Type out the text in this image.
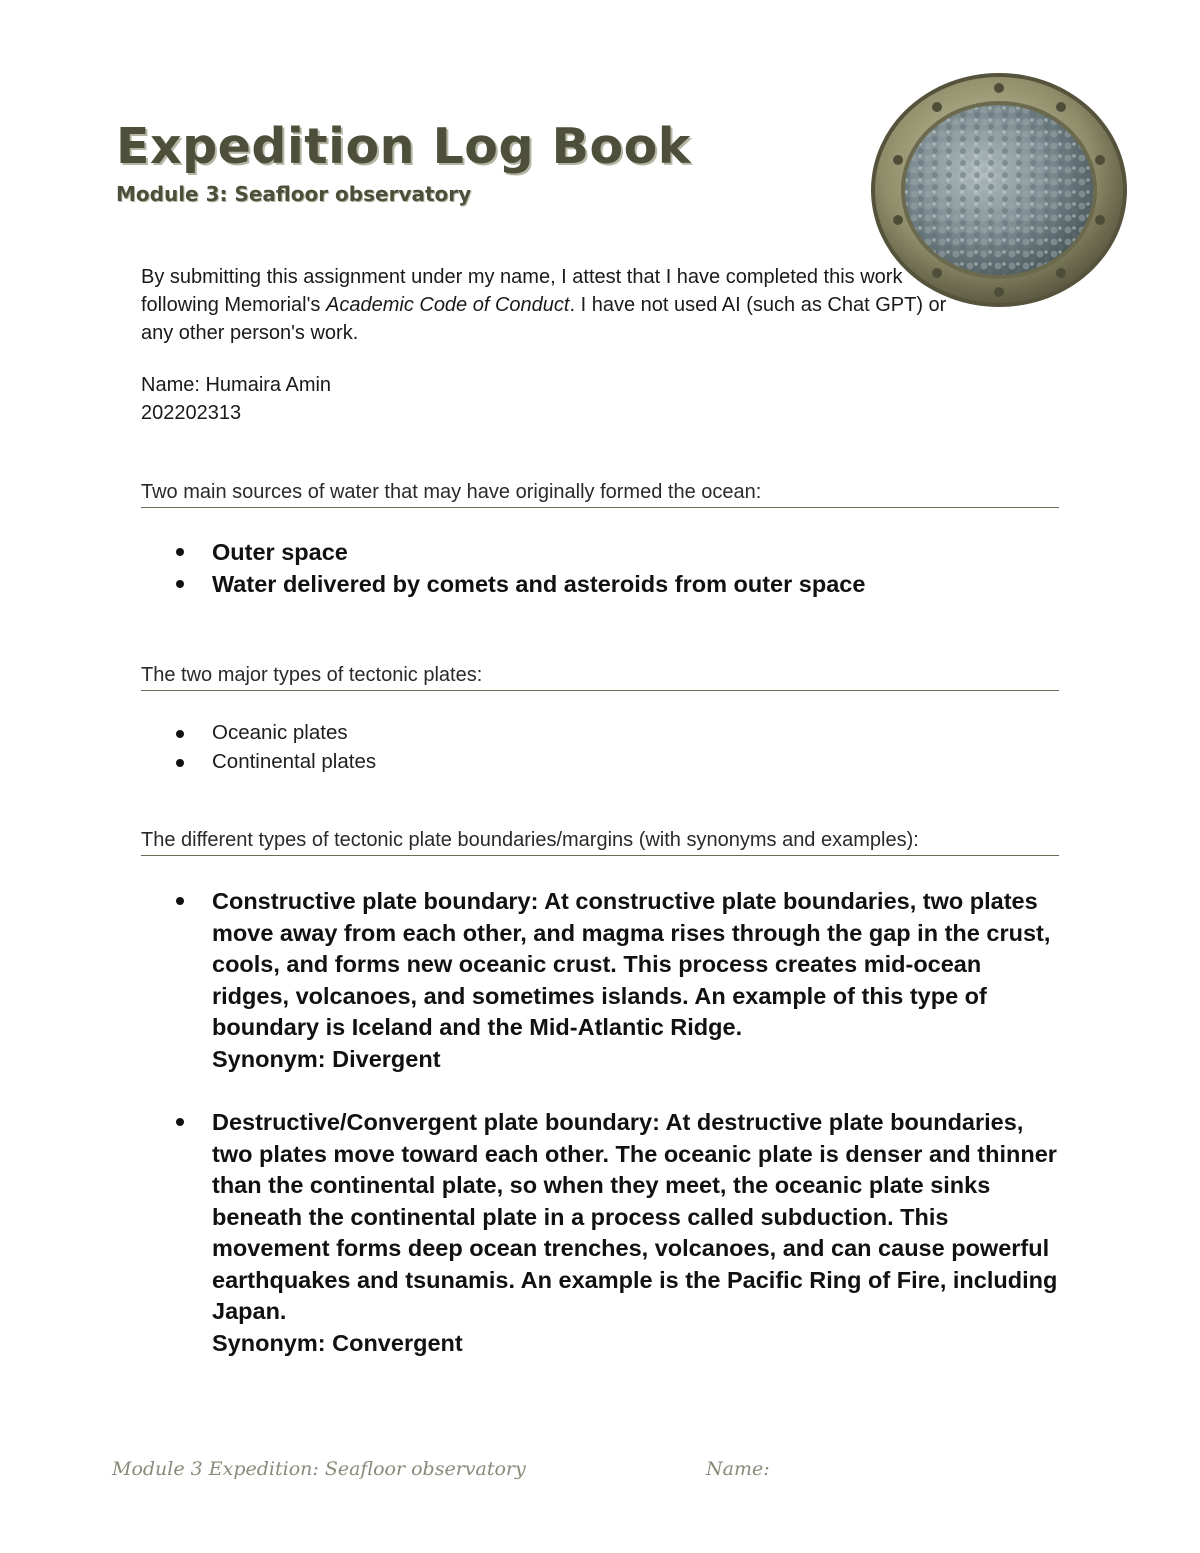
Expedition Log Book
Module 3: Seafloor observatory
By submitting this assignment under my name, I attest that I have completed this work following Memorial's Academic Code of Conduct. I have not used AI (such as Chat GPT) or any other person's work.
Name: Humaira Amin
202202313
Two main sources of water that may have originally formed the ocean:
Outer space
Water delivered by comets and asteroids from outer space
The two major types of tectonic plates:
Oceanic plates
Continental plates
The different types of tectonic plate boundaries/margins (with synonyms and examples):
Constructive plate boundary: At constructive plate boundaries, two plates move away from each other, and magma rises through the gap in the crust, cools, and forms new oceanic crust. This process creates mid-ocean ridges, volcanoes, and sometimes islands. An example of this type of boundary is Iceland and the Mid-Atlantic Ridge.
Synonym: Divergent
Destructive/Convergent plate boundary: At destructive plate boundaries, two plates move toward each other. The oceanic plate is denser and thinner than the continental plate, so when they meet, the oceanic plate sinks beneath the continental plate in a process called subduction. This movement forms deep ocean trenches, volcanoes, and can cause powerful earthquakes and tsunamis. An example is the Pacific Ring of Fire, including Japan.
Synonym: Convergent
Module 3 Expedition: Seafloor observatory	Name:
